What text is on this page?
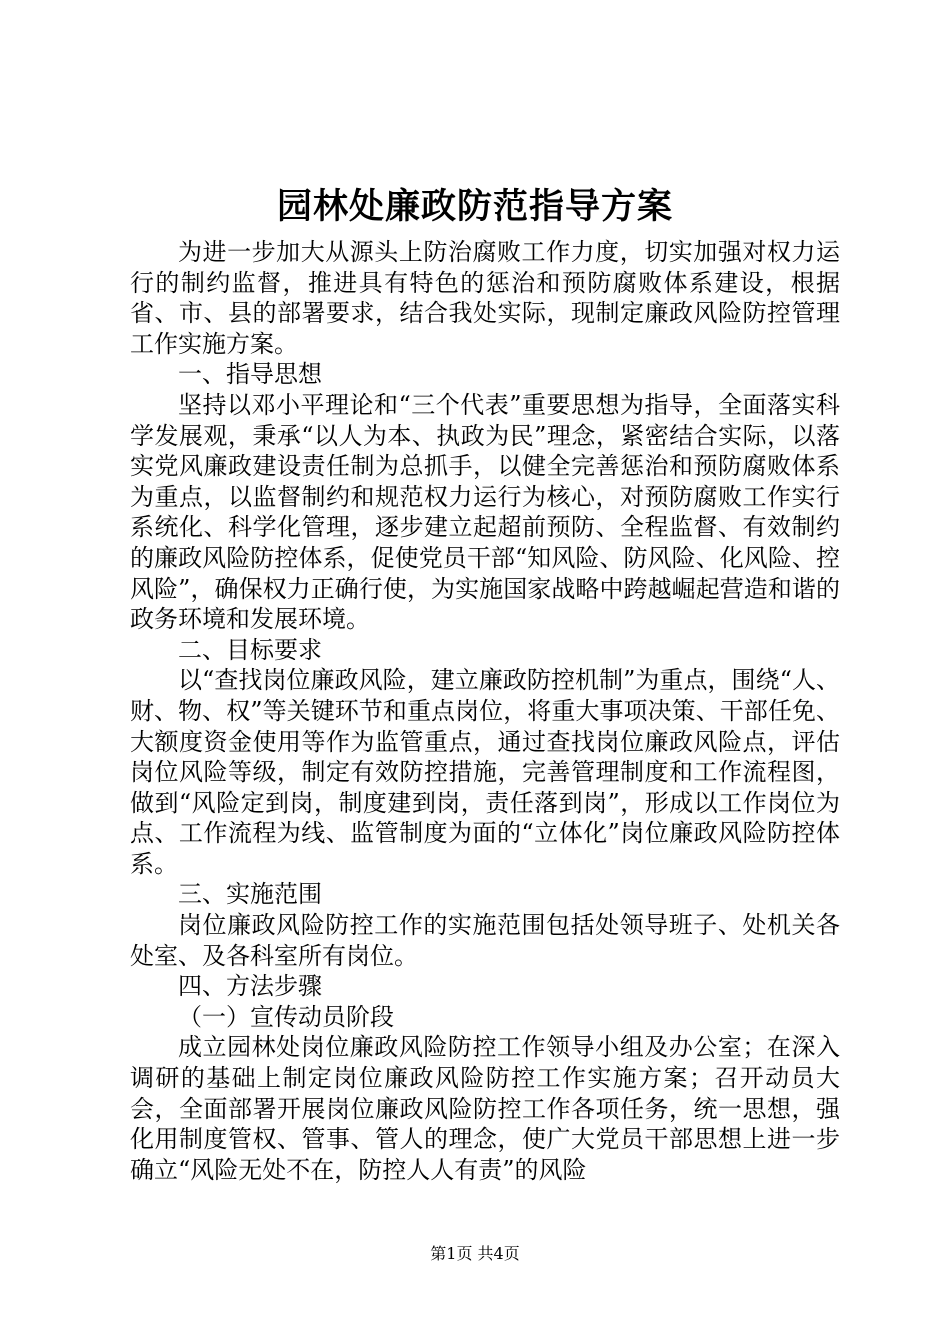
园林处廉政防范指导方案

为进一步加大从源头上防治腐败工作力度，切实加强对权力运行的制约监督，推进具有特色的惩治和预防腐败体系建设，根据省、市、县的部署要求，结合我处实际，现制定廉政风险防控管理工作实施方案。

一、指导思想

坚持以邓小平理论和“三个代表”重要思想为指导，全面落实科学发展观，秉承“以人为本、执政为民”理念，紧密结合实际，以落实党风廉政建设责任制为总抓手，以健全完善惩治和预防腐败体系为重点，以监督制约和规范权力运行为核心，对预防腐败工作实行系统化、科学化管理，逐步建立起超前预防、全程监督、有效制约的廉政风险防控体系，促使党员干部“知风险、防风险、化风险、控风险”，确保权力正确行使，为实施国家战略中跨越崛起营造和谐的政务环境和发展环境。

二、目标要求

以“查找岗位廉政风险，建立廉政防控机制”为重点，围绕“人、财、物、权”等关键环节和重点岗位，将重大事项决策、干部任免、大额度资金使用等作为监管重点，通过查找岗位廉政风险点，评估岗位风险等级，制定有效防控措施，完善管理制度和工作流程图，做到“风险定到岗，制度建到岗，责任落到岗”，形成以工作岗位为点、工作流程为线、监管制度为面的“立体化”岗位廉政风险防控体系。

三、实施范围

岗位廉政风险防控工作的实施范围包括处领导班子、处机关各处室、及各科室所有岗位。

四、方法步骤

（一）宣传动员阶段

成立园林处岗位廉政风险防控工作领导小组及办公室；在深入调研的基础上制定岗位廉政风险防控工作实施方案；召开动员大会，全面部署开展岗位廉政风险防控工作各项任务，统一思想，强化用制度管权、管事、管人的理念，使广大党员干部思想上进一步确立“风险无处不在，防控人人有责”的风险

第1页 共4页
